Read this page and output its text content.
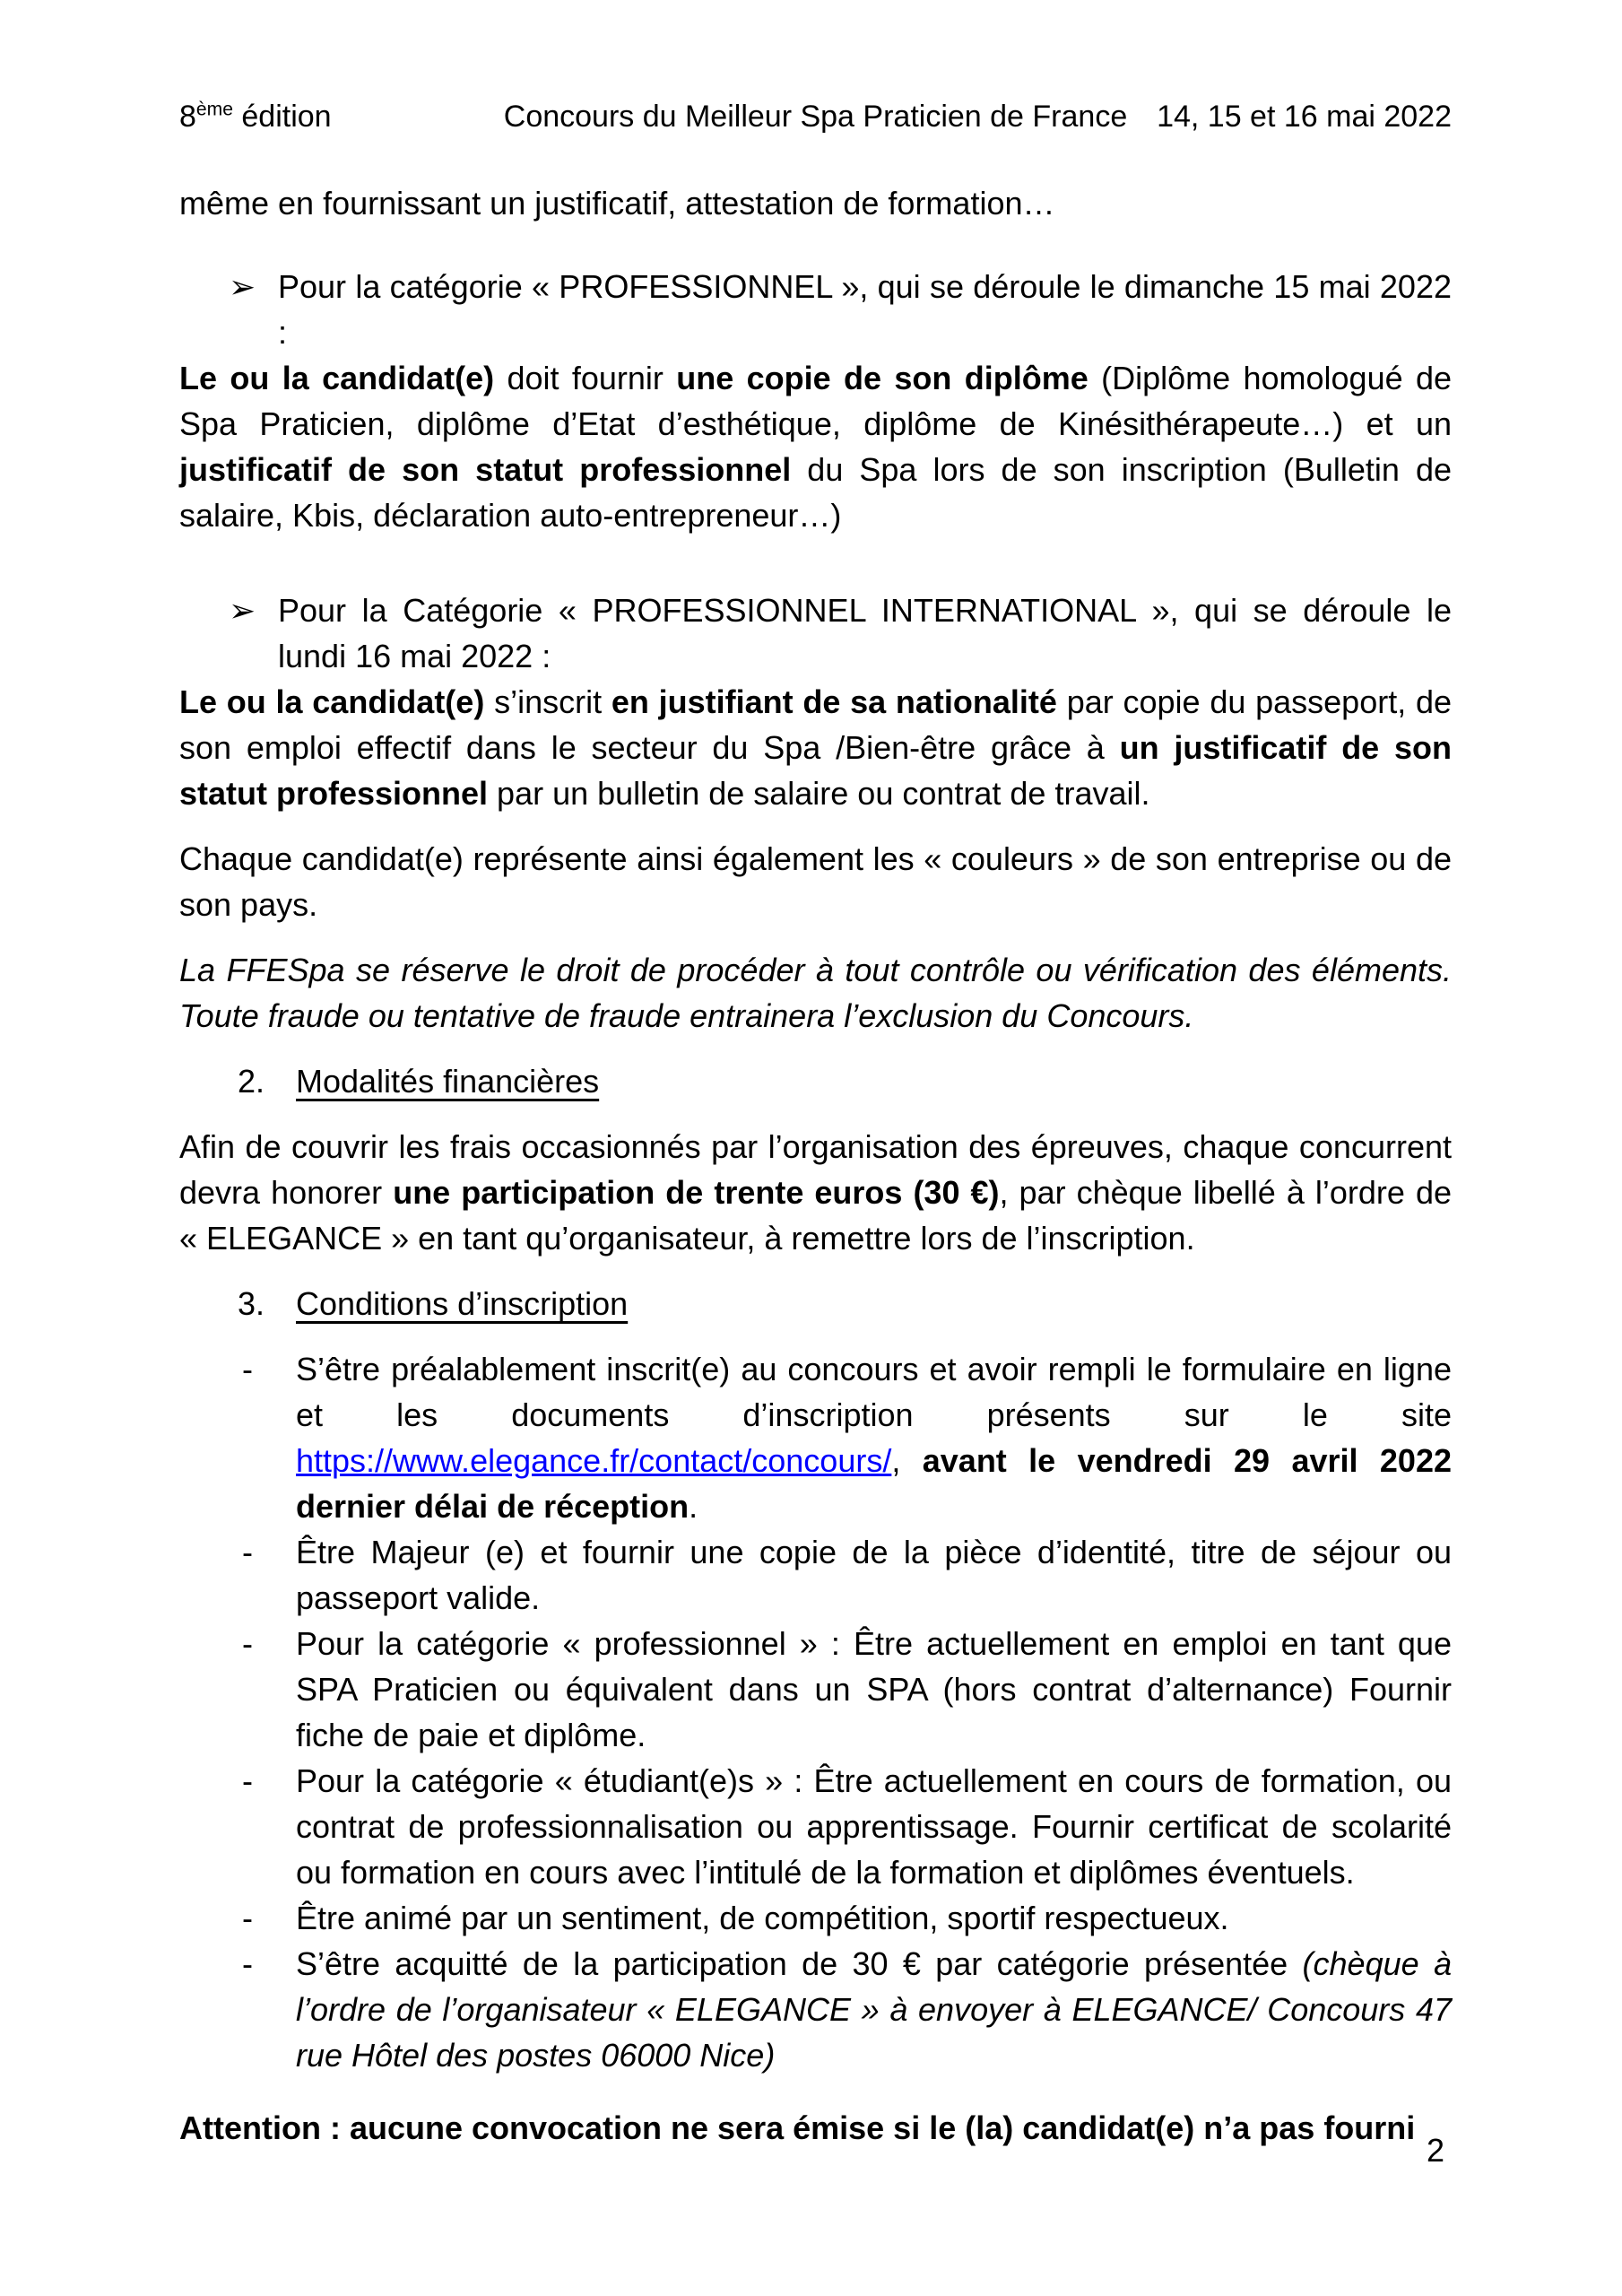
8ème édition	Concours du Meilleur Spa Praticien de France 14, 15 et 16 mai 2022

même en fournissant un justificatif, attestation de formation…

➢ Pour la catégorie « PROFESSIONNEL », qui se déroule le dimanche 15 mai 2022 :

Le ou la candidat(e) doit fournir une copie de son diplôme (Diplôme homologué de Spa Praticien, diplôme d’Etat d’esthétique, diplôme de Kinésithérapeute…) et un justificatif de son statut professionnel du Spa lors de son inscription (Bulletin de salaire, Kbis, déclaration auto-entrepreneur…)

➢ Pour la Catégorie « PROFESSIONNEL INTERNATIONAL », qui se déroule le lundi 16 mai 2022 :

Le ou la candidat(e) s’inscrit en justifiant de sa nationalité par copie du passeport, de son emploi effectif dans le secteur du Spa /Bien-être grâce à un justificatif de son statut professionnel par un bulletin de salaire ou contrat de travail.

Chaque candidat(e) représente ainsi également les « couleurs » de son entreprise ou de son pays.

La FFESpa se réserve le droit de procéder à tout contrôle ou vérification des éléments. Toute fraude ou tentative de fraude entrainera l’exclusion du Concours.

2. Modalités financières

Afin de couvrir les frais occasionnés par l’organisation des épreuves, chaque concurrent devra honorer une participation de trente euros (30 €), par chèque libellé à l’ordre de « ELEGANCE » en tant qu’organisateur, à remettre lors de l’inscription.

3. Conditions d’inscription
-	S’être préalablement inscrit(e) au concours et avoir rempli le formulaire en ligne et les documents d’inscription présents sur le site https://www.elegance.fr/contact/concours/, avant le vendredi 29 avril 2022 dernier délai de réception.
-	Être Majeur (e) et fournir une copie de la pièce d’identité, titre de séjour ou passeport valide.
-	Pour la catégorie « professionnel » : Être actuellement en emploi en tant que SPA Praticien ou équivalent dans un SPA (hors contrat d’alternance) Fournir fiche de paie et diplôme.
-	Pour la catégorie « étudiant(e)s » : Être actuellement en cours de formation, ou contrat de professionnalisation ou apprentissage. Fournir certificat de scolarité ou formation en cours avec l’intitulé de la formation et diplômes éventuels.
-	Être animé par un sentiment, de compétition, sportif respectueux.
-	S’être acquitté de la participation de 30 € par catégorie présentée (chèque à l’ordre de l’organisateur « ELEGANCE » à envoyer à ELEGANCE/ Concours 47 rue Hôtel des postes 06000 Nice)

Attention : aucune convocation ne sera émise si le (la) candidat(e) n’a pas fourni

2
